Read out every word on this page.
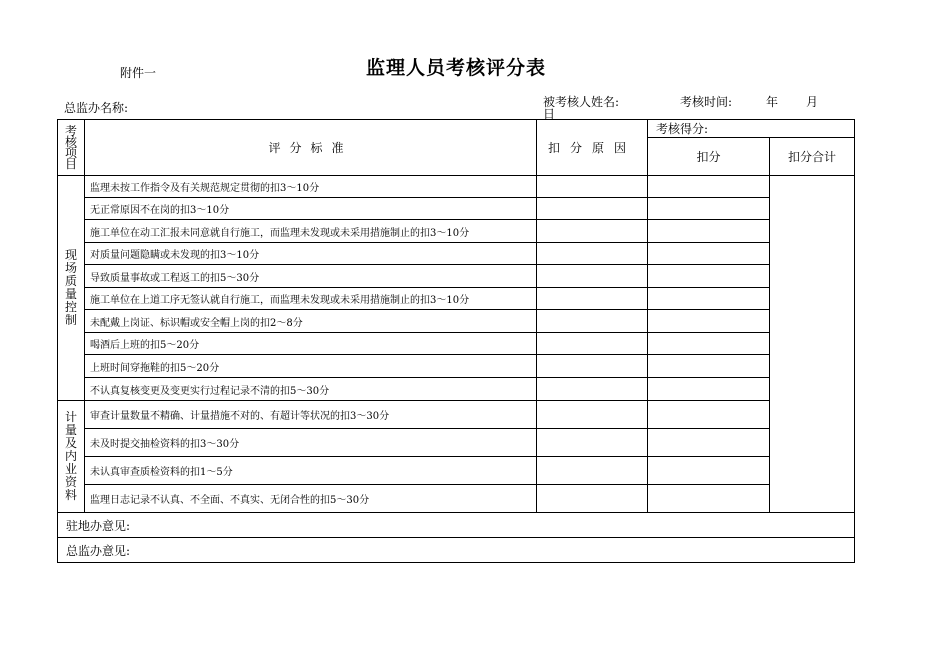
附件一	监理人员考核评分表
总监办名称:	被考核人姓名:	考核时间:	年 月
日
考核项目	评分标准	扣分原因	考核得分:	
			扣分	扣分合计

现场质量控制	监理未按工作指令及有关规范规定贯彻的扣3～10分			
	无正常原因不在岗的扣3～10分			
	施工单位在动工汇报未同意就自行施工，而监理未发现或未采用措施制止的扣3～10分			
	对质量问题隐瞒或未发现的扣3～10分			
	导致质量事故或工程返工的扣5～30分			
	施工单位在上道工序无签认就自行施工，而监理未发现或未采用措施制止的扣3～10分			
	未配戴上岗证、标识帽或安全帽上岗的扣2～8分			
	喝酒后上班的扣5～20分			
	上班时间穿拖鞋的扣5～20分			
	不认真复核变更及变更实行过程记录不清的扣5～30分			

计量及内业资料	审查计量数量不精确、计量措施不对的、有超计等状况的扣3～30分			
	未及时提交抽检资料的扣3～30分			
	未认真审查质检资料的扣1～5分			
	监理日志记录不认真、不全面、不真实、无闭合性的扣5～30分			
驻地办意见:				
总监办意见:				
